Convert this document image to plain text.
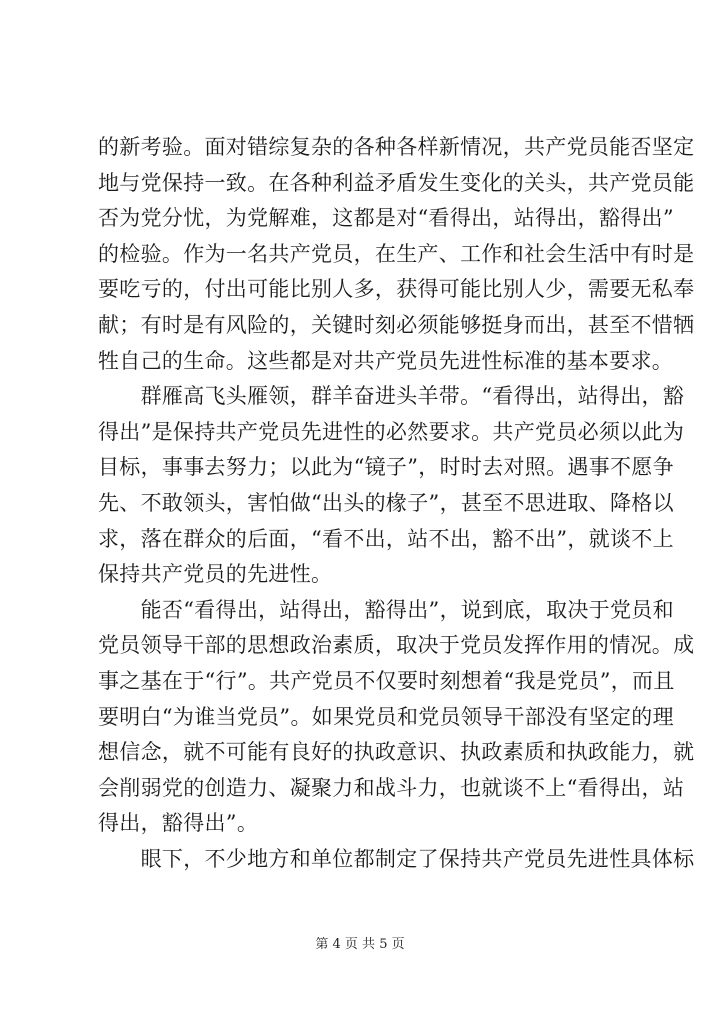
的新考验。面对错综复杂的各种各样新情况，共产党员能否坚定
地与党保持一致。在各种利益矛盾发生变化的关头，共产党员能
否为党分忧，为党解难，这都是对“看得出，站得出，豁得出”
的检验。作为一名共产党员，在生产、工作和社会生活中有时是
要吃亏的，付出可能比别人多，获得可能比别人少，需要无私奉
献；有时是有风险的，关键时刻必须能够挺身而出，甚至不惜牺
牲自己的生命。这些都是对共产党员先进性标准的基本要求。
　　群雁高飞头雁领，群羊奋进头羊带。“看得出，站得出，豁
得出”是保持共产党员先进性的必然要求。共产党员必须以此为
目标，事事去努力；以此为“镜子”，时时去对照。遇事不愿争
先、不敢领头，害怕做“出头的椽子”，甚至不思进取、降格以
求，落在群众的后面，“看不出，站不出，豁不出”，就谈不上
保持共产党员的先进性。
　　能否“看得出，站得出，豁得出”，说到底，取决于党员和
党员领导干部的思想政治素质，取决于党员发挥作用的情况。成
事之基在于“行”。共产党员不仅要时刻想着“我是党员”，而且
要明白“为谁当党员”。如果党员和党员领导干部没有坚定的理
想信念，就不可能有良好的执政意识、执政素质和执政能力，就
会削弱党的创造力、凝聚力和战斗力，也就谈不上“看得出，站
得出，豁得出”。
　　眼下，不少地方和单位都制定了保持共产党员先进性具体标
第 4 页 共 5 页
